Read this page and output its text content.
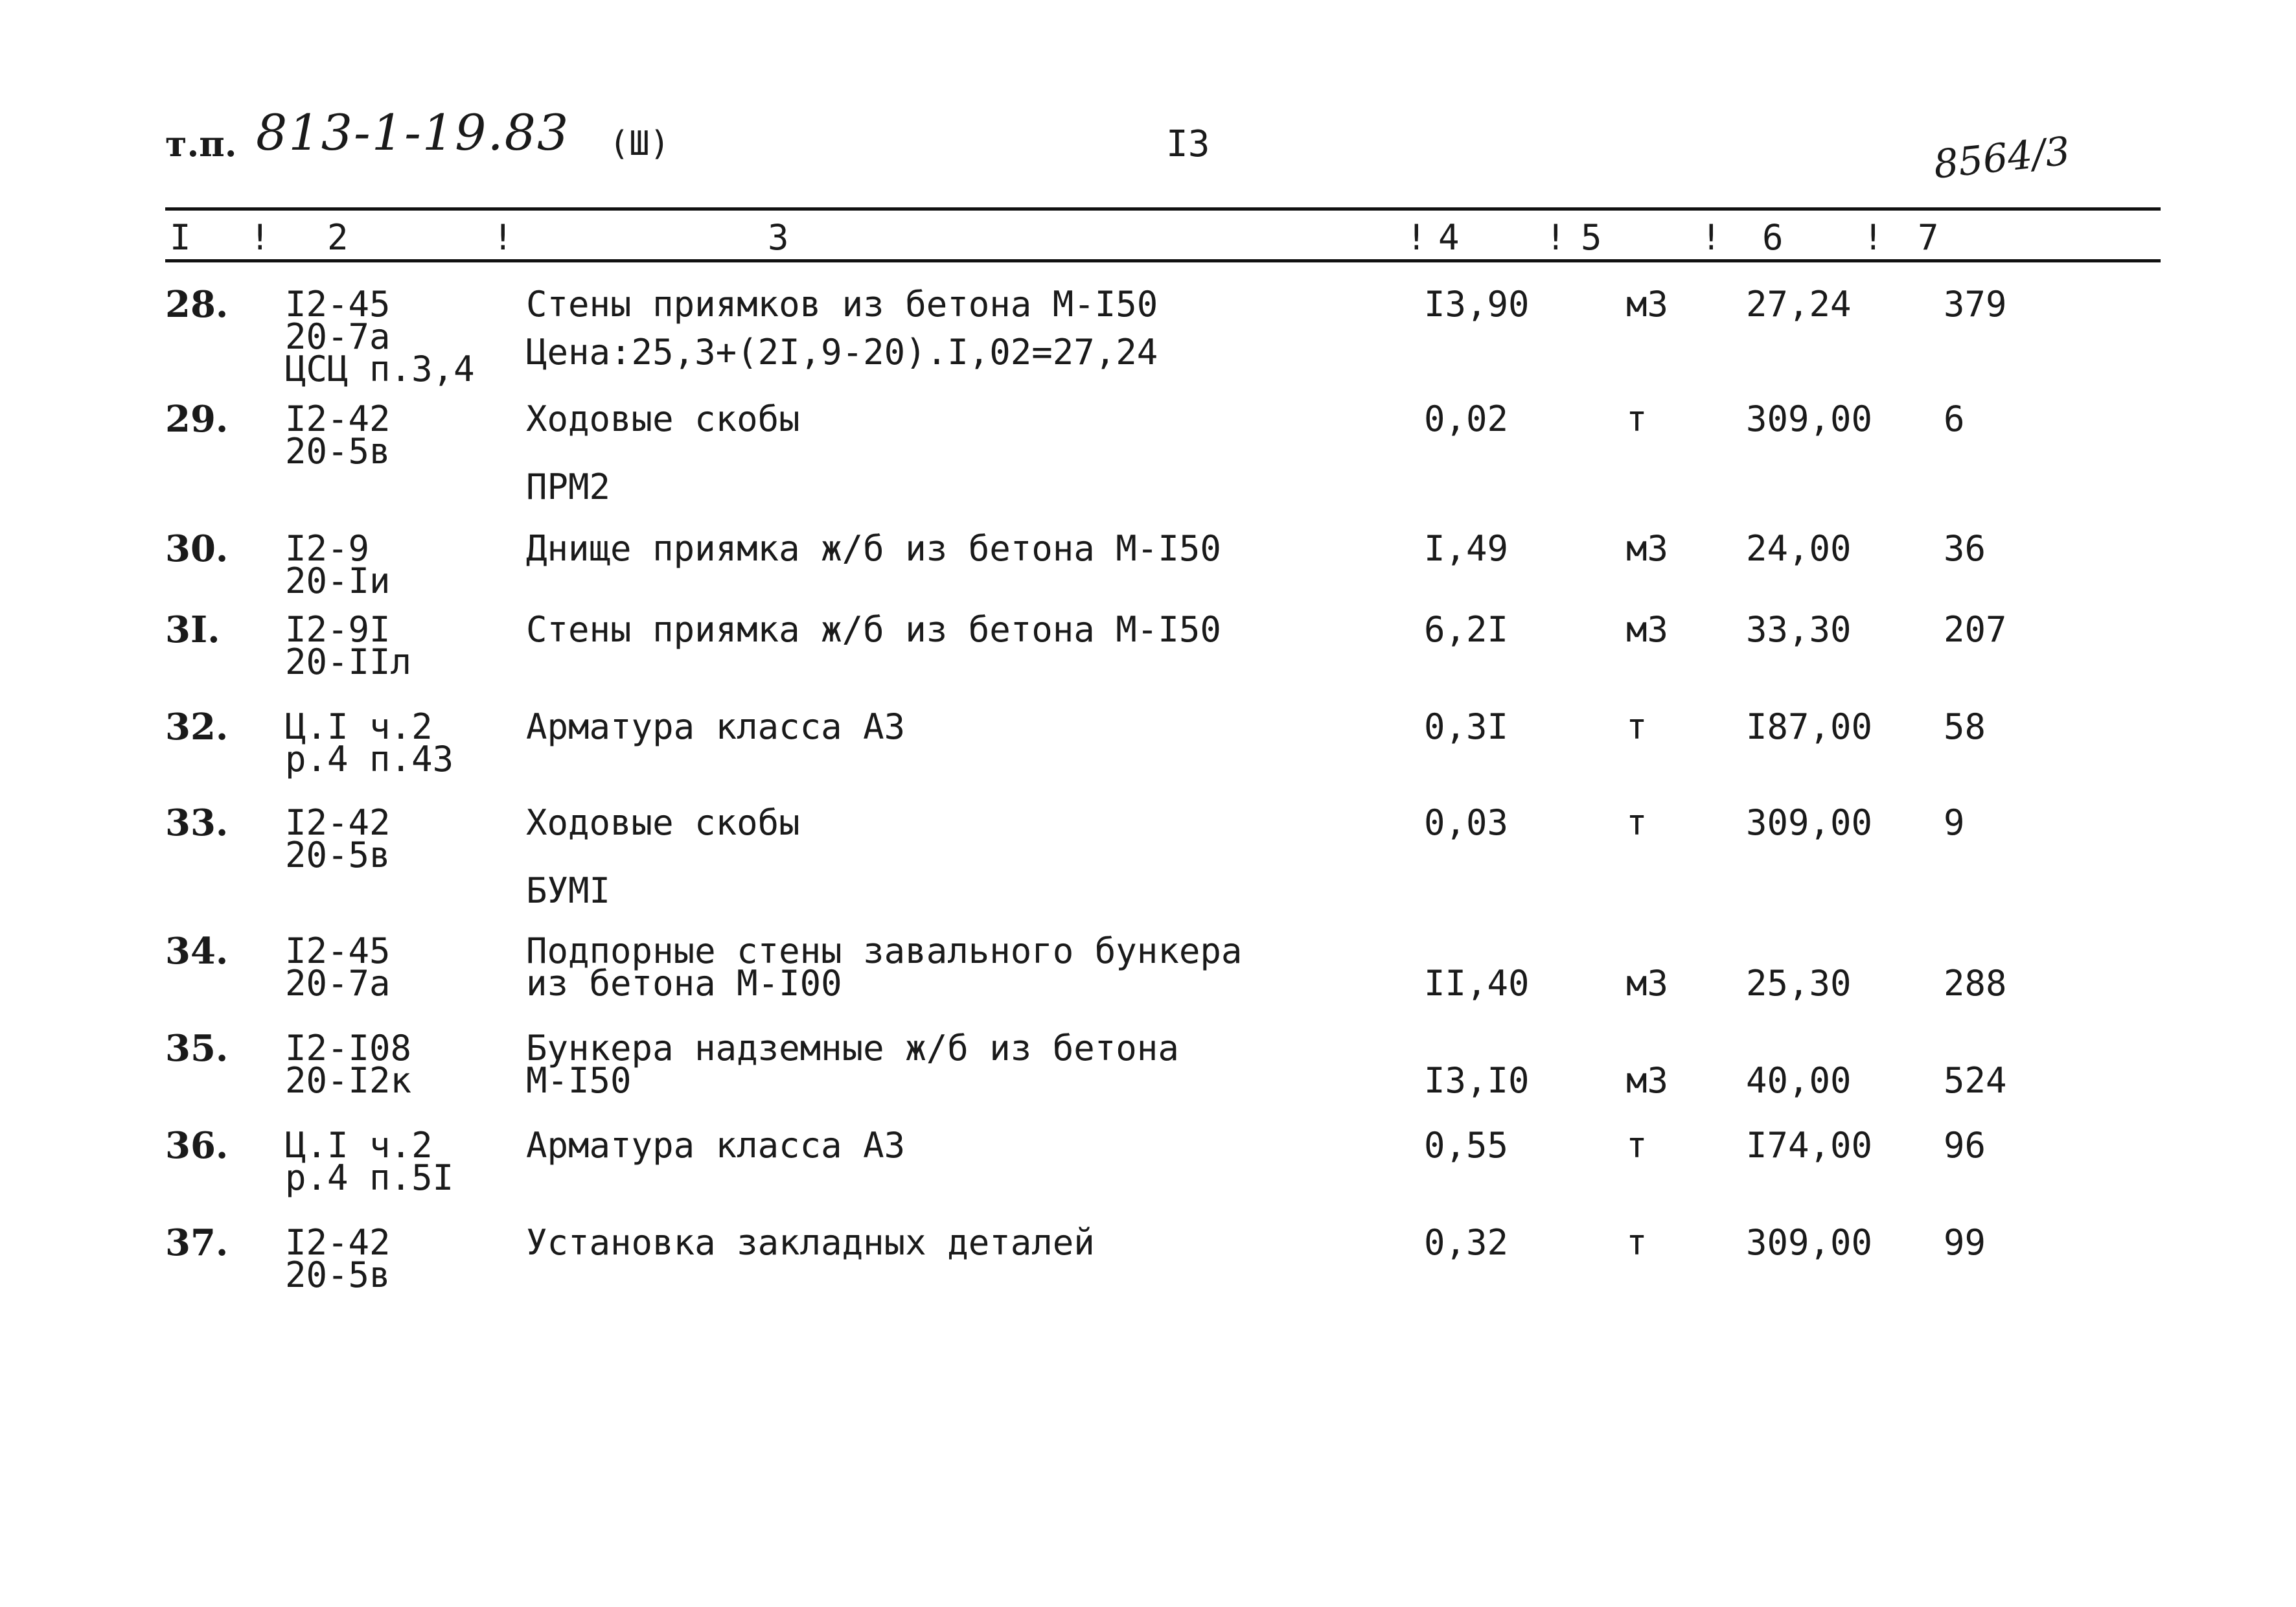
т.п. 813-1-19.83 (Ш)	I3	8564/3
I ! 2	!	3	! 4 ! 5	! 6 ! 7
28. I2-45
20-7а
ЦСЦ п.3,4
Стены приямков из бетона М-I50
Цена:25,3+(2I,9-20).I,02=27,24
I3,90	м3 27,24	379
29. I2-42
20-5в
Ходовые скобы	0,02	т	309,00 6
ПРМ2
30. I2-9
20-Iи
Днище приямка ж/б из бетона М-I50	I,49	м3 24,00	36
3I. I2-9I
20-IIл
Стены приямка ж/б из бетона М-I50	6,2I	м3 33,30	207
32. Ц.I ч.2
р.4 п.43
Арматура класса А3	0,3I	т	I87,00 58
33. I2-42
20-5в
Ходовые скобы	0,03	т	309,00 9
БУМI
34. I2-45
20-7а
Подпорные стены завального бункера
из бетона М-I00	II,40	м3 25,30	288
35. I2-I08
20-I2к
Бункера надземные ж/б из бетона
М-I50	I3,I0	м3 40,00	524
36. Ц.I ч.2
р.4 п.5I
Арматура класса А3	0,55	т	I74,00 96
37. I2-42
20-5в
Установка закладных деталей	0,32	т	309,00 99
